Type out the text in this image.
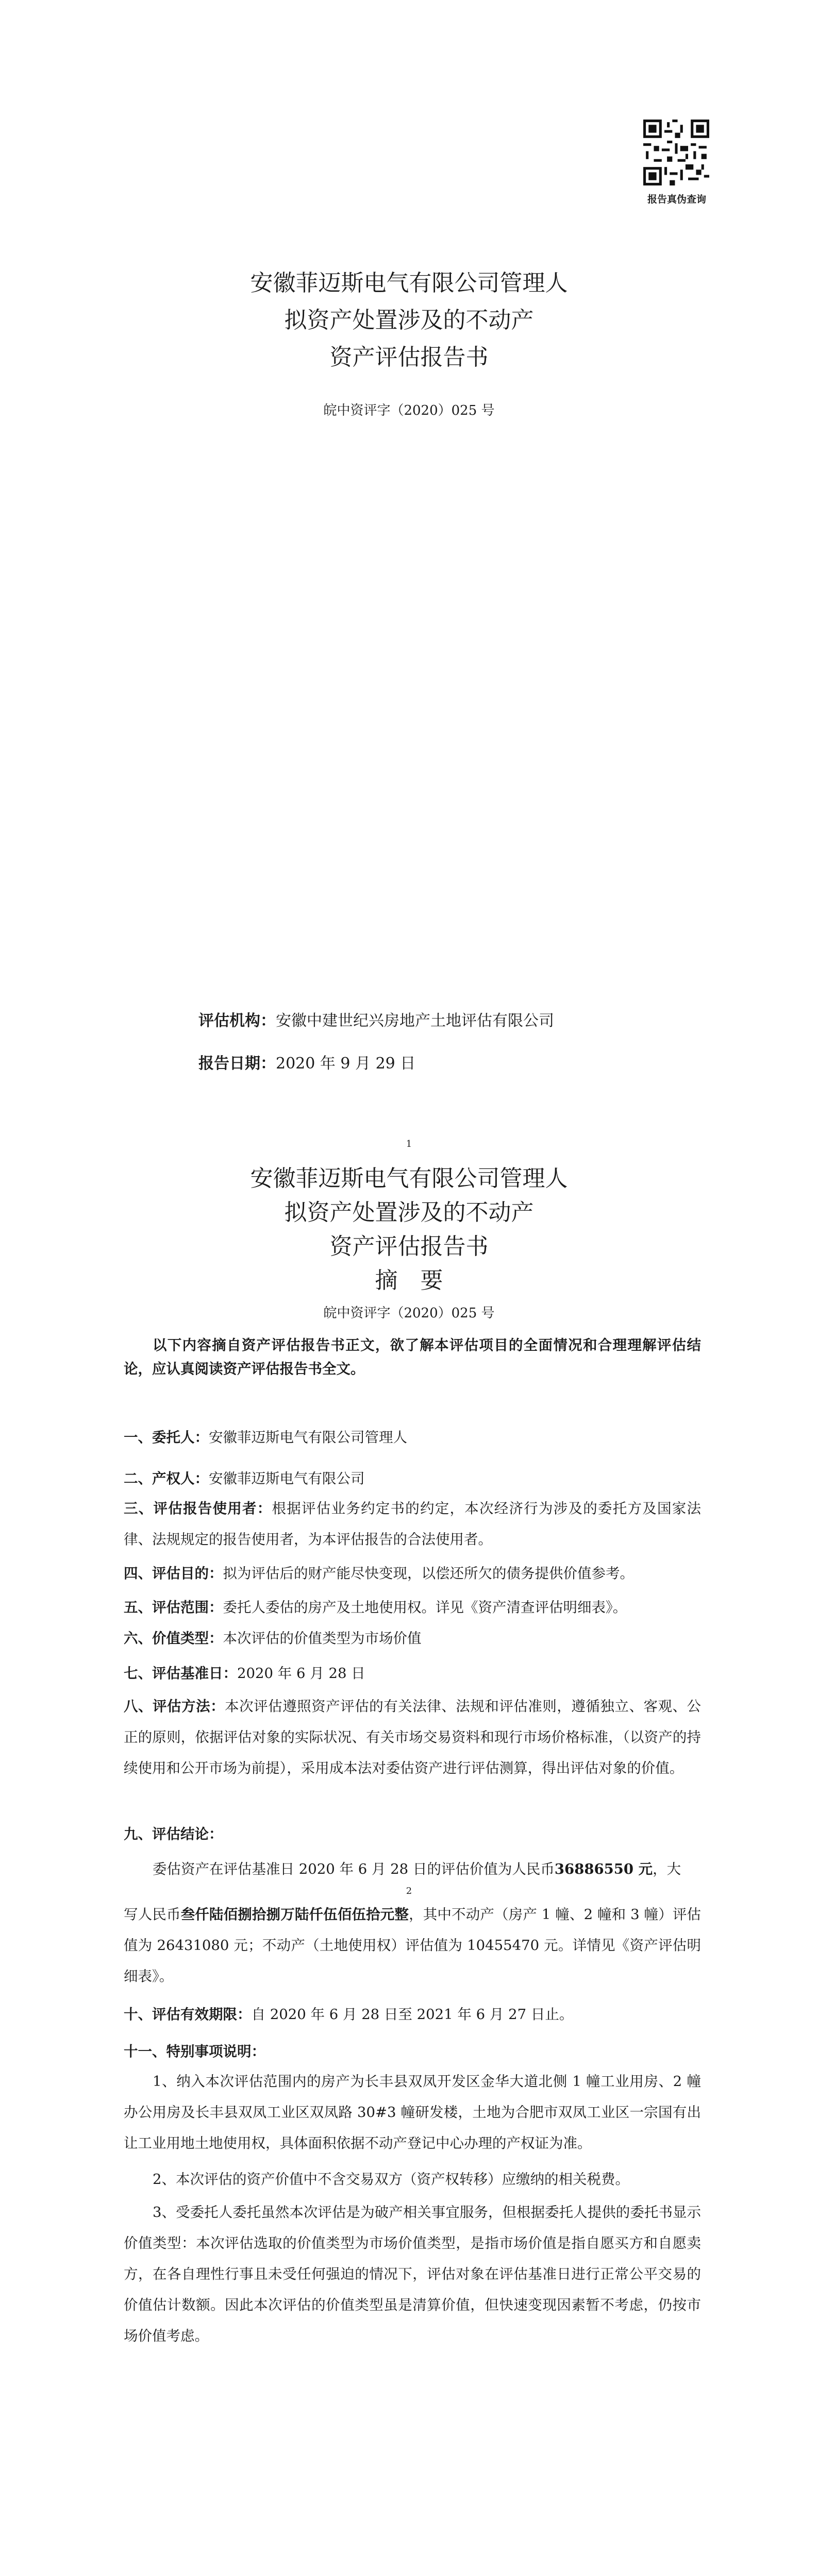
报告真伪查询
安徽菲迈斯电气有限公司管理人
拟资产处置涉及的不动产
资产评估报告书
皖中资评字（2020）025 号
评估机构：安徽中建世纪兴房地产土地评估有限公司
报告日期：2020 年 9 月 29 日
1
安徽菲迈斯电气有限公司管理人
拟资产处置涉及的不动产
资产评估报告书
摘　要
皖中资评字（2020）025 号
以下内容摘自资产评估报告书正文，欲了解本评估项目的全面情况和合理理解评估结论，应认真阅读资产评估报告书全文。
一、委托人：安徽菲迈斯电气有限公司管理人
二、产权人：安徽菲迈斯电气有限公司
三、评估报告使用者：根据评估业务约定书的约定，本次经济行为涉及的委托方及国家法律、法规规定的报告使用者，为本评估报告的合法使用者。
四、评估目的：拟为评估后的财产能尽快变现，以偿还所欠的债务提供价值参考。
五、评估范围：委托人委估的房产及土地使用权。详见《资产清查评估明细表》。
六、价值类型：本次评估的价值类型为市场价值
七、评估基准日：2020 年 6 月 28 日
八、评估方法：本次评估遵照资产评估的有关法律、法规和评估准则，遵循独立、客观、公正的原则，依据评估对象的实际状况、有关市场交易资料和现行市场价格标准，（以资产的持续使用和公开市场为前提），采用成本法对委估资产进行评估测算，得出评估对象的价值。
九、评估结论：
委估资产在评估基准日 2020 年 6 月 28 日的评估价值为人民币36886550 元，大
2
写人民币叁仟陆佰捌拾捌万陆仟伍佰伍拾元整，其中不动产（房产 1 幢、2 幢和 3 幢）评估值为 26431080 元；不动产（土地使用权）评估值为 10455470 元。详情见《资产评估明细表》。
十、评估有效期限：自 2020 年 6 月 28 日至 2021 年 6 月 27 日止。
十一、特别事项说明：
1、纳入本次评估范围内的房产为长丰县双凤开发区金华大道北侧 1 幢工业用房、2 幢办公用房及长丰县双凤工业区双凤路 30#3 幢研发楼，土地为合肥市双凤工业区一宗国有出让工业用地土地使用权，具体面积依据不动产登记中心办理的产权证为准。
2、本次评估的资产价值中不含交易双方（资产权转移）应缴纳的相关税费。
3、受委托人委托虽然本次评估是为破产相关事宜服务，但根据委托人提供的委托书显示价值类型：本次评估选取的价值类型为市场价值类型，是指市场价值是指自愿买方和自愿卖方，在各自理性行事且未受任何强迫的情况下，评估对象在评估基准日进行正常公平交易的价值估计数额。因此本次评估的价值类型虽是清算价值，但快速变现因素暂不考虑，仍按市场价值考虑。
